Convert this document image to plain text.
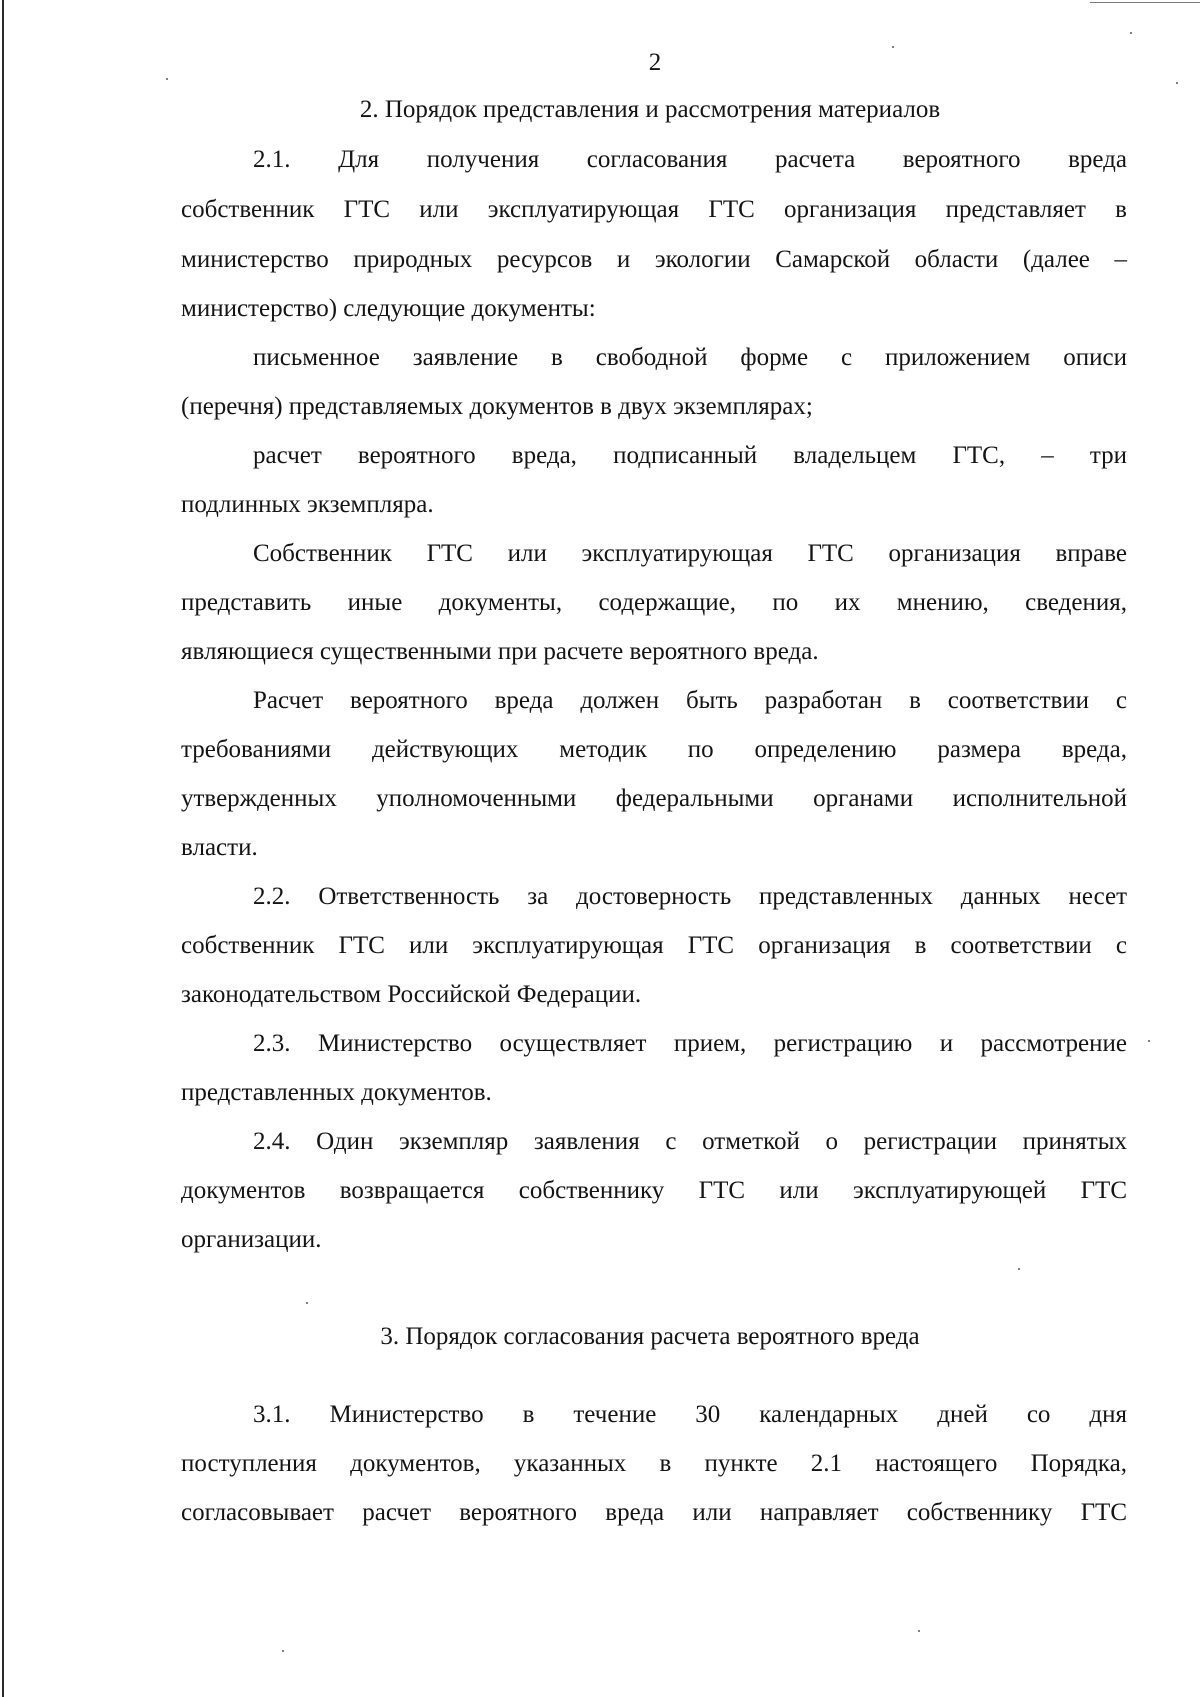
2
2. Порядок представления и рассмотрения материалов
2.1. Для получения согласования расчета вероятного вреда
собственник ГТС или эксплуатирующая ГТС организация представляет в
министерство природных ресурсов и экологии Самарской области (далее –
министерство) следующие документы:
письменное заявление в свободной форме с приложением описи
(перечня) представляемых документов в двух экземплярах;
расчет вероятного вреда, подписанный владельцем ГТС, – три
подлинных экземпляра.
Собственник ГТС или эксплуатирующая ГТС организация вправе
представить иные документы, содержащие, по их мнению, сведения,
являющиеся существенными при расчете вероятного вреда.
Расчет вероятного вреда должен быть разработан в соответствии с
требованиями действующих методик по определению размера вреда,
утвержденных уполномоченными федеральными органами исполнительной
власти.
2.2. Ответственность за достоверность представленных данных несет
собственник ГТС или эксплуатирующая ГТС организация в соответствии с
законодательством Российской Федерации.
2.3. Министерство осуществляет прием, регистрацию и рассмотрение
представленных документов.
2.4. Один экземпляр заявления с отметкой о регистрации принятых
документов возвращается собственнику ГТС или эксплуатирующей ГТС
организации.
3. Порядок согласования расчета вероятного вреда
3.1. Министерство в течение 30 календарных дней со дня
поступления документов, указанных в пункте 2.1 настоящего Порядка,
согласовывает расчет вероятного вреда или направляет собственнику ГТС
